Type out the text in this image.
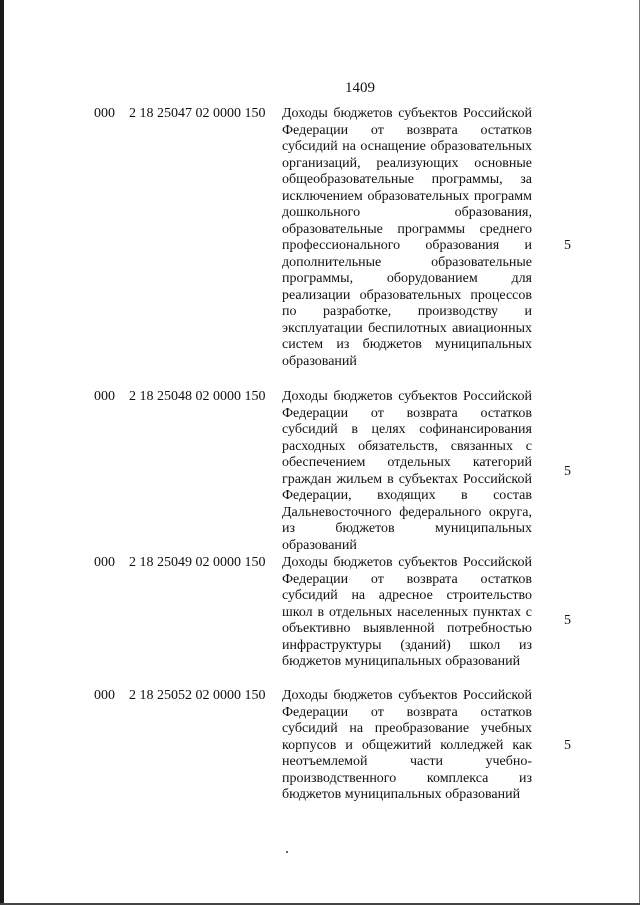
1409
000 2 18 25047 02 0000 150 Доходы бюджетов субъектов Российской Федерации от возврата остатков субсидий на оснащение образовательных организаций, реализующих основные общеобразовательные программы, за исключением образовательных программ дошкольного образования, образовательные программы среднего профессионального образования и дополнительные образовательные программы, оборудованием для реализации образовательных процессов по разработке, производству и эксплуатации беспилотных авиационных систем из бюджетов муниципальных образований
5
000 2 18 25048 02 0000 150 Доходы бюджетов субъектов Российской Федерации от возврата остатков субсидий в целях софинансирования расходных обязательств, связанных с обеспечением отдельных категорий граждан жильем в субъектах Российской Федерации, входящих в состав Дальневосточного федерального округа, из бюджетов муниципальных образований
5
000 2 18 25049 02 0000 150 Доходы бюджетов субъектов Российской Федерации от возврата остатков субсидий на адресное строительство школ в отдельных населенных пунктах с объективно выявленной потребностью инфраструктуры (зданий) школ из бюджетов муниципальных образований
5
000 2 18 25052 02 0000 150 Доходы бюджетов субъектов Российской Федерации от возврата остатков субсидий на преобразование учебных корпусов и общежитий колледжей как неотъемлемой части учебно-производственного комплекса из бюджетов муниципальных образований
5
